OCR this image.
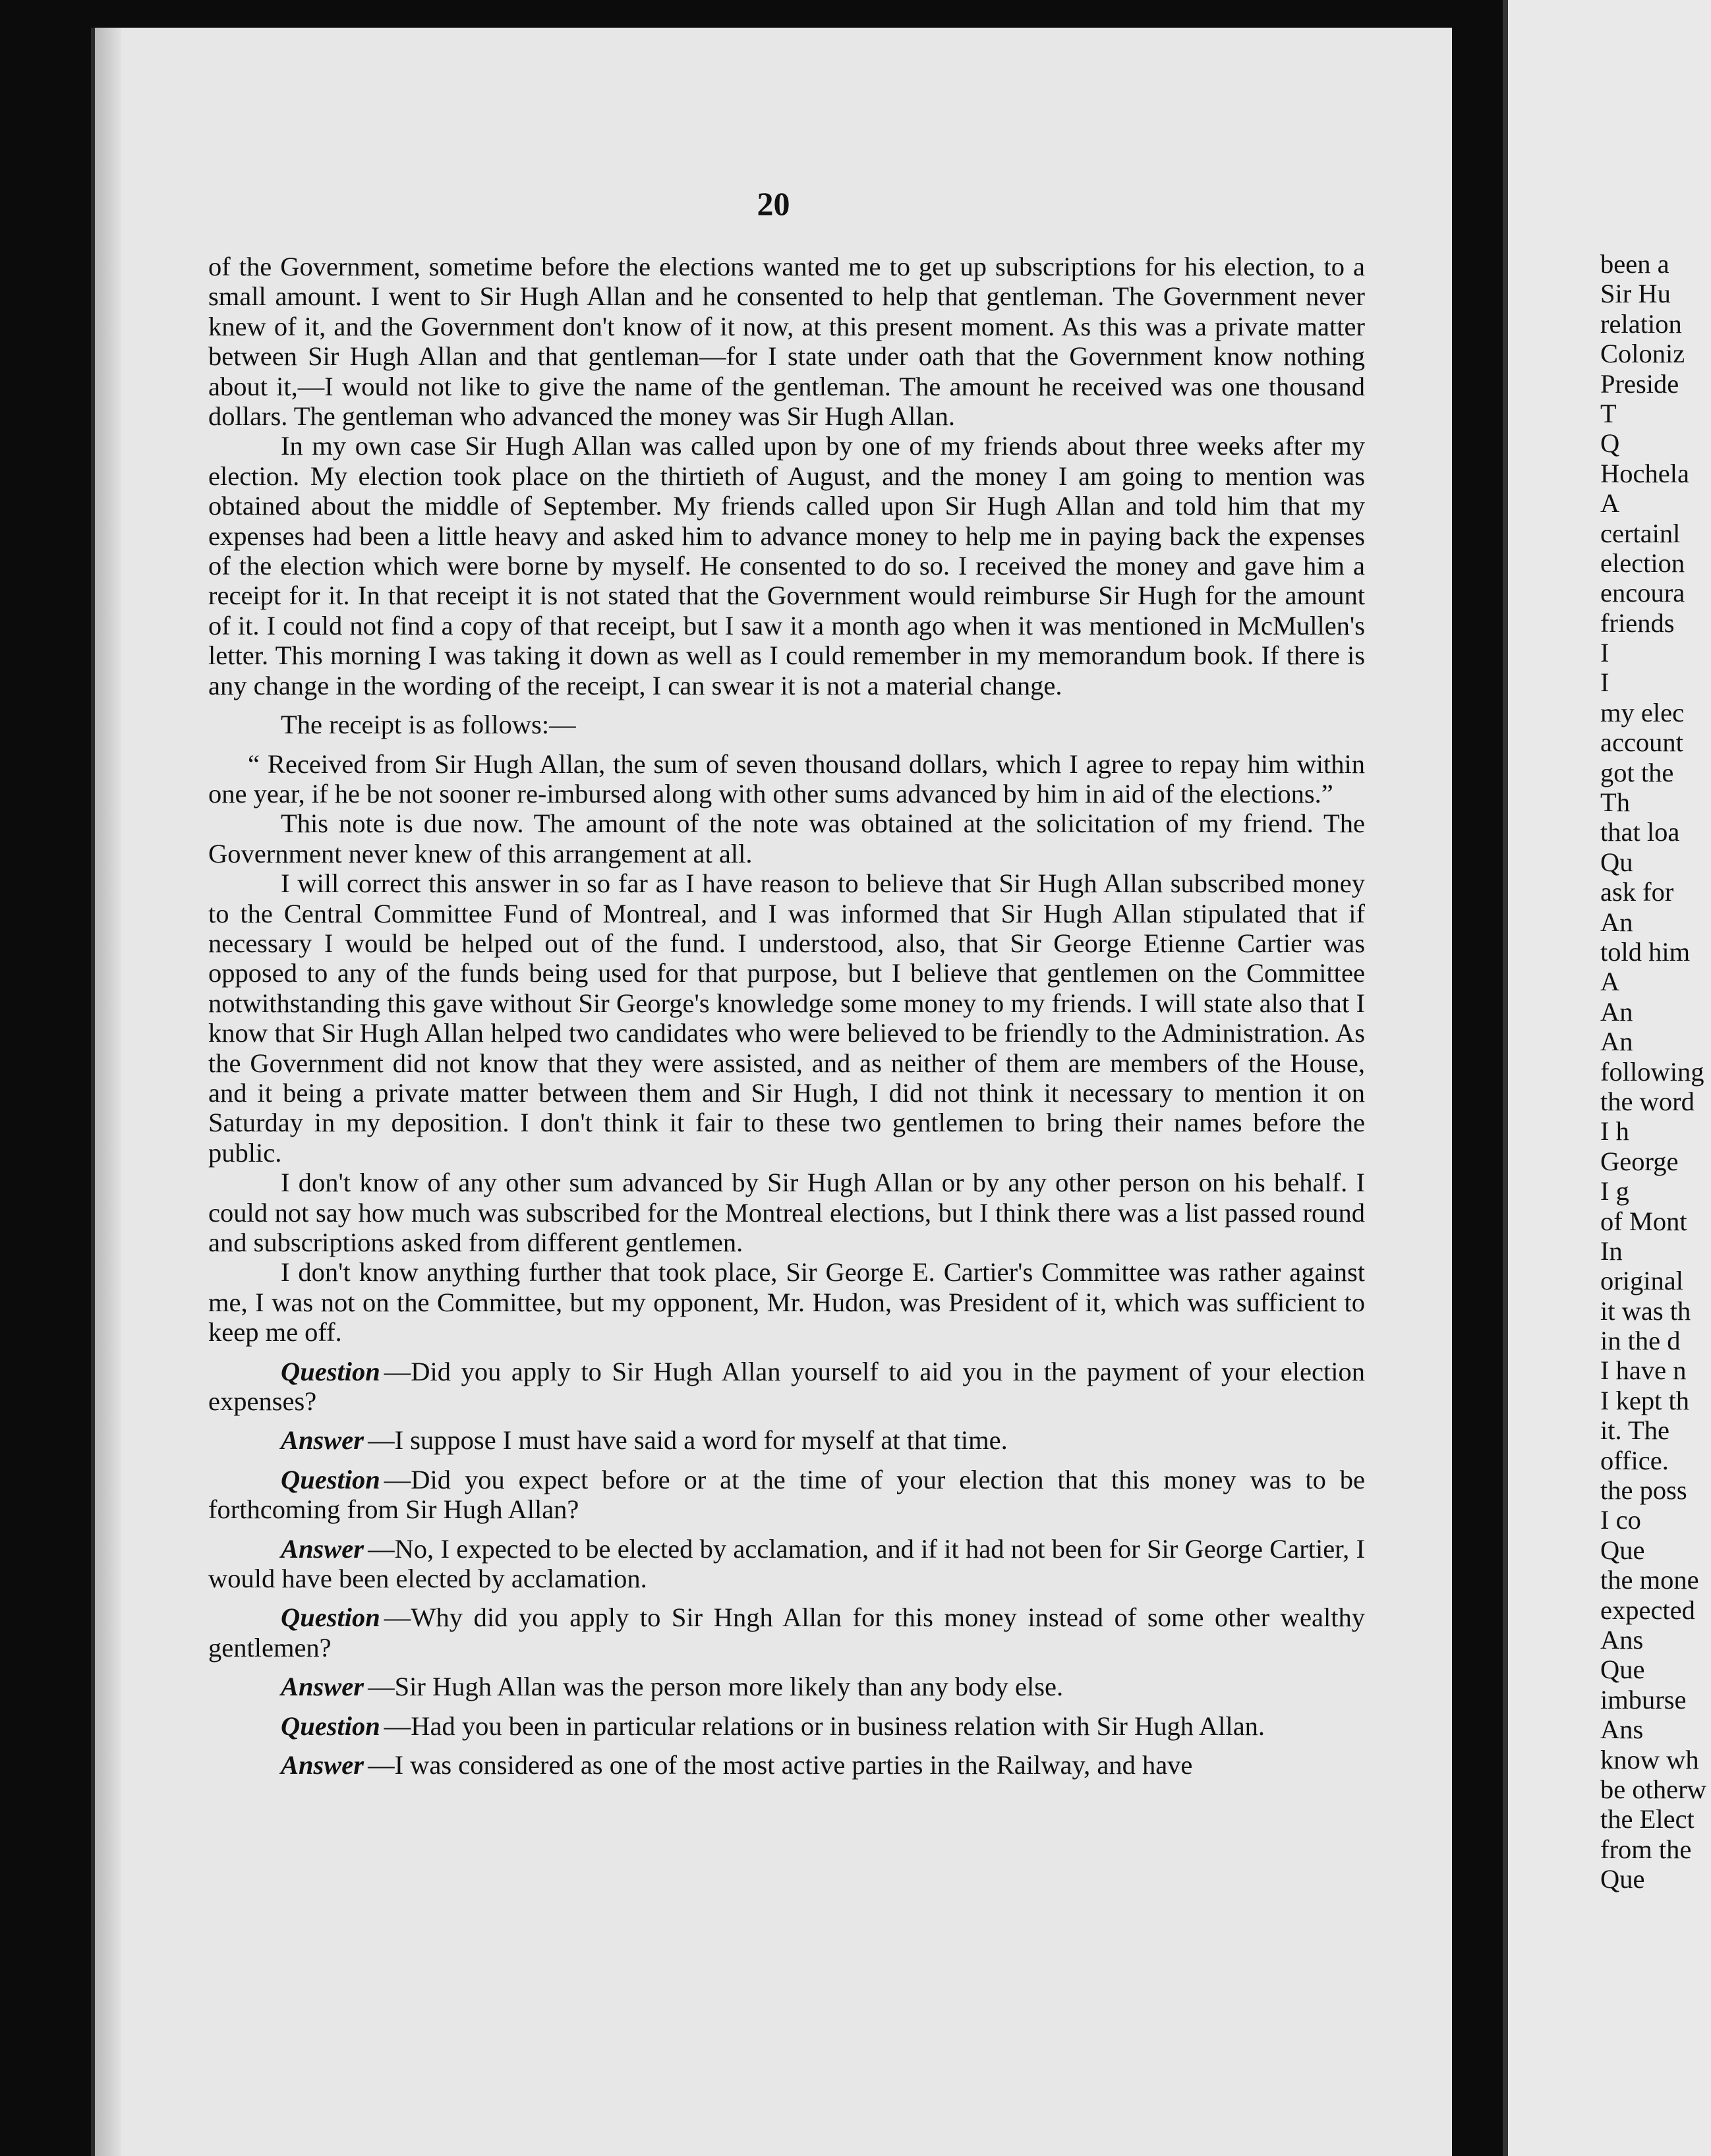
20

of the Government, sometime before the elections wanted me to get up subscriptions for his election, to a small amount. I went to Sir Hugh Allan and he consented to help that gentleman. The Government never knew of it, and the Government don't know of it now, at this present moment. As this was a private matter between Sir Hugh Allan and that gentleman—for I state under oath that the Government know nothing about it,—I would not like to give the name of the gentleman. The amount he received was one thousand dollars. The gentleman who advanced the money was Sir Hugh Allan.

In my own case Sir Hugh Allan was called upon by one of my friends about three weeks after my election. My election took place on the thirtieth of August, and the money I am going to mention was obtained about the middle of September. My friends called upon Sir Hugh Allan and told him that my expenses had been a little heavy and asked him to advance money to help me in paying back the expenses of the election which were borne by myself. He consented to do so. I received the money and gave him a receipt for it. In that receipt it is not stated that the Government would reimburse Sir Hugh for the amount of it. I could not find a copy of that receipt, but I saw it a month ago when it was mentioned in McMullen's letter. This morning I was taking it down as well as I could remember in my memorandum book. If there is any change in the wording of the receipt, I can swear it is not a material change.

The receipt is as follows:—

“ Received from Sir Hugh Allan, the sum of seven thousand dollars, which I agree to repay him within one year, if he be not sooner re-imbursed along with other sums advanced by him in aid of the elections.”

This note is due now. The amount of the note was obtained at the solicitation of my friend. The Government never knew of this arrangement at all.

I will correct this answer in so far as I have reason to believe that Sir Hugh Allan subscribed money to the Central Committee Fund of Montreal, and I was informed that Sir Hugh Allan stipulated that if necessary I would be helped out of the fund. I understood, also, that Sir George Etienne Cartier was opposed to any of the funds being used for that purpose, but I believe that gentlemen on the Committee notwithstanding this gave without Sir George's knowledge some money to my friends. I will state also that I know that Sir Hugh Allan helped two candidates who were believed to be friendly to the Administration. As the Government did not know that they were assisted, and as neither of them are members of the House, and it being a private matter between them and Sir Hugh, I did not think it necessary to mention it on Saturday in my deposition. I don't think it fair to these two gentlemen to bring their names before the public.

I don't know of any other sum advanced by Sir Hugh Allan or by any other person on his behalf. I could not say how much was subscribed for the Montreal elections, but I think there was a list passed round and subscriptions asked from different gentlemen.

I don't know anything further that took place, Sir George E. Cartier's Committee was rather against me, I was not on the Committee, but my opponent, Mr. Hudon, was President of it, which was sufficient to keep me off.

Question —Did you apply to Sir Hugh Allan yourself to aid you in the payment of your election expenses?

Answer —I suppose I must have said a word for myself at that time.

Question —Did you expect before or at the time of your election that this money was to be forthcoming from Sir Hugh Allan?

Answer —No, I expected to be elected by acclamation, and if it had not been for Sir George Cartier, I would have been elected by acclamation.

Question —Why did you apply to Sir Hngh Allan for this money instead of some other wealthy gentlemen?

Answer —Sir Hugh Allan was the person more likely than any body else.

Question —Had you been in particular relations or in business relation with Sir Hugh Allan.

Answer —I was considered as one of the most active parties in the Railway, and have

been a
Sir Hu
relation
Coloniz
Preside
T
Q
Hochela
A
certainl
election
encoura
friends
I
I
my elec
account
got the
Th
that loa
Qu
ask for
An
told him
A
An
An
following
the word
I h
George
I g
of Mont
In
original
it was th
in the d
I have n
I kept th
it. The
office.
the poss
I co
Que
the mone
expected
Ans
Que
imburse
Ans
know wh
be otherw
the Elect
from the
Que
